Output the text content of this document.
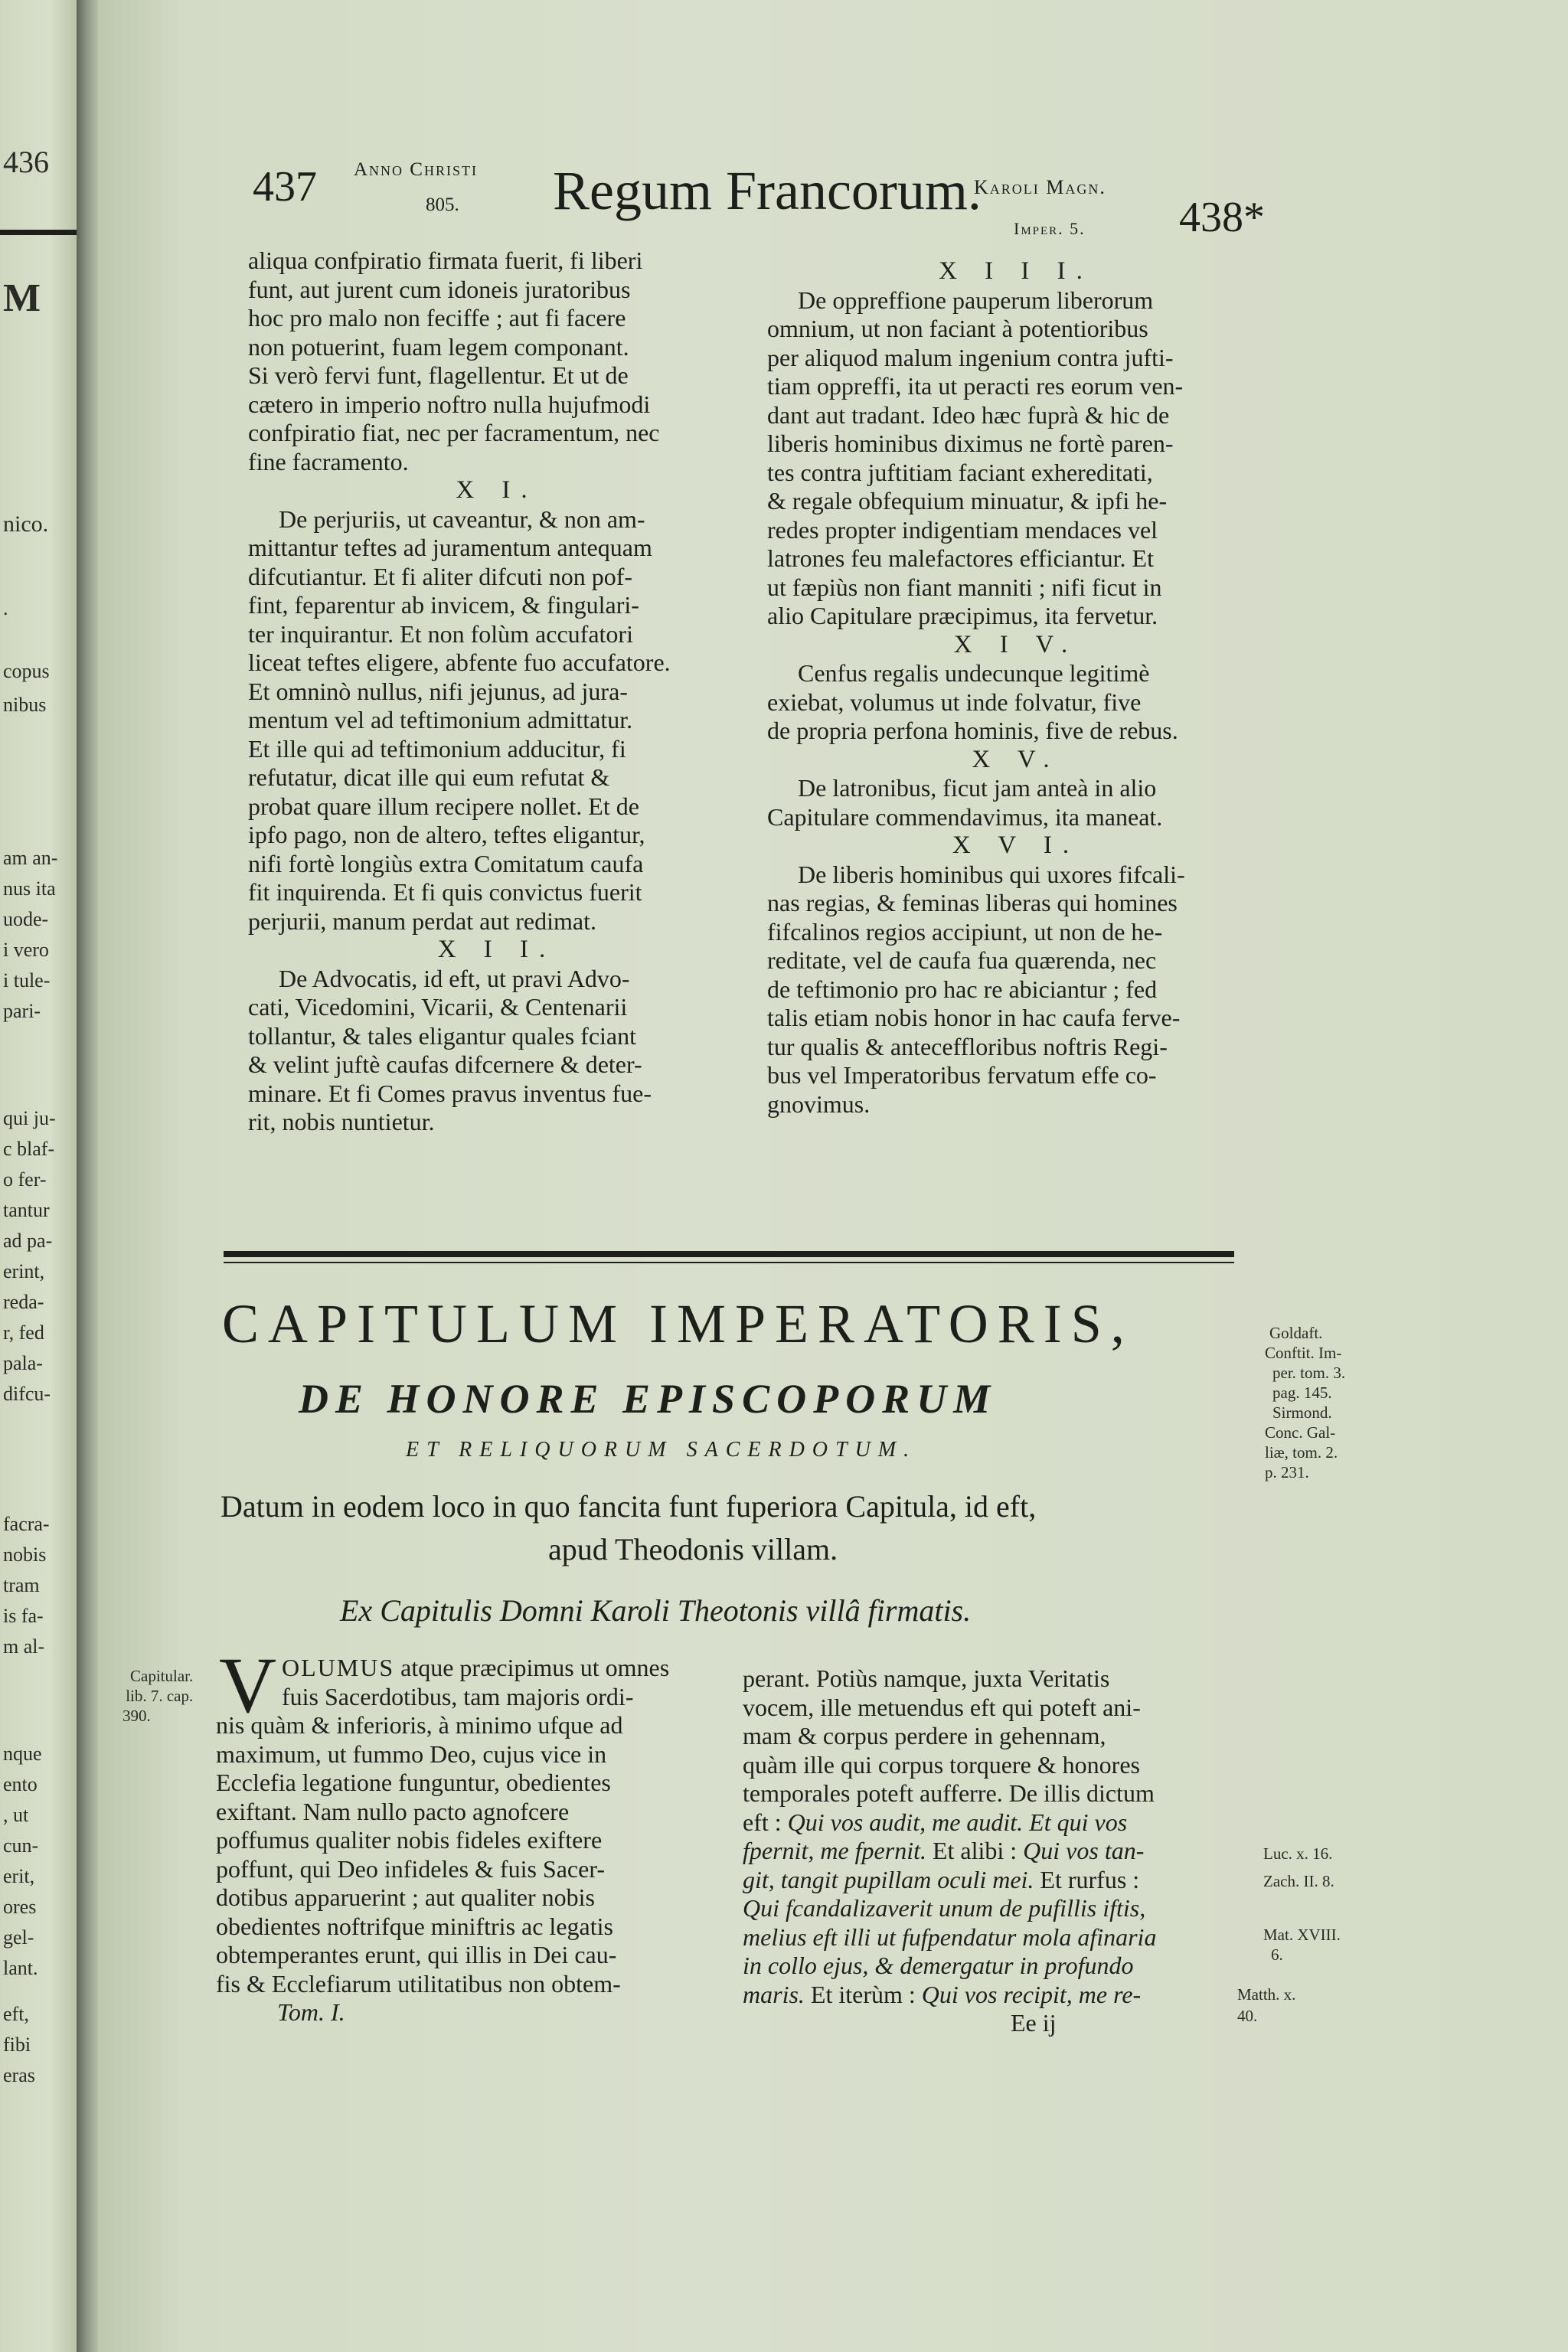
436
M
nico.
.
copus
nibus
am an-
nus ita
uode-
i vero
i tule-
pari-
qui ju-
c blaf-
o fer-
tantur
ad pa-
erint,
reda-
r, fed
pala-
difcu-
facra-
nobis
tram
is fa-
m al-
nque
ento
, ut
cun-
erit,
ores
gel-
lant.
eft,
fibi
eras
437 Anno Christi
805. Regum Francorum.
Karoli Magn.
Imper. 5. 438*
aliqua confpiratio firmata fuerit, fi liberi
funt, aut jurent cum idoneis juratoribus
hoc pro malo non feciffe ; aut fi facere
non potuerint, fuam legem componant.
Si verò fervi funt, flagellentur. Et ut de
cætero in imperio noftro nulla hujufmodi
confpiratio fiat, nec per facramentum, nec
fine facramento.
X I.
De perjuriis, ut caveantur, & non am-
mittantur teftes ad juramentum antequam
difcutiantur. Et fi aliter difcuti non pof-
fint, feparentur ab invicem, & fingulari-
ter inquirantur. Et non folùm accufatori
liceat teftes eligere, abfente fuo accufatore.
Et omninò nullus, nifi jejunus, ad jura-
mentum vel ad teftimonium admittatur.
Et ille qui ad teftimonium adducitur, fi
refutatur, dicat ille qui eum refutat &
probat quare illum recipere nollet. Et de
ipfo pago, non de altero, teftes eligantur,
nifi fortè longiùs extra Comitatum caufa
fit inquirenda. Et fi quis convictus fuerit
perjurii, manum perdat aut redimat.
X I I.
De Advocatis, id eft, ut pravi Advo-
cati, Vicedomini, Vicarii, & Centenarii
tollantur, & tales eligantur quales fciant
& velint juftè caufas difcernere & deter-
minare. Et fi Comes pravus inventus fue-
rit, nobis nuntietur.
X I I I.
De oppreffione pauperum liberorum
omnium, ut non faciant à potentioribus
per aliquod malum ingenium contra jufti-
tiam oppreffi, ita ut peracti res eorum ven-
dant aut tradant. Ideo hæc fuprà & hic de
liberis hominibus diximus ne fortè paren-
tes contra juftitiam faciant exhereditati,
& regale obfequium minuatur, & ipfi he-
redes propter indigentiam mendaces vel
latrones feu malefactores efficiantur. Et
ut fæpiùs non fiant manniti ; nifi ficut in
alio Capitulare præcipimus, ita fervetur.
X I V.
Cenfus regalis undecunque legitimè
exiebat, volumus ut inde folvatur, five
de propria perfona hominis, five de rebus.
X V.
De latronibus, ficut jam anteà in alio
Capitulare commendavimus, ita maneat.
X V I.
De liberis hominibus qui uxores fifcali-
nas regias, & feminas liberas qui homines
fifcalinos regios accipiunt, ut non de he-
reditate, vel de caufa fua quærenda, nec
de teftimonio pro hac re abiciantur ; fed
talis etiam nobis honor in hac caufa ferve-
tur qualis & anteceffloribus noftris Regi-
bus vel Imperatoribus fervatum effe co-
gnovimus.
CAPITULUM IMPERATORIS,
DE HONORE EPISCOPORUM
ET RELIQUORUM SACERDOTUM.
Datum in eodem loco in quo fancita funt fuperiora Capitula, id eft,
apud Theodonis villam.
Ex Capitulis Domni Karoli Theotonis villâ firmatis.
Goldaft.
Conftit. Im-
per. tom. 3.
pag. 145.
Sirmond.
Conc. Gal-
liæ, tom. 2.
p. 231.
Capitular.
lib. 7. cap.
390. V OLUMUS atque præcipimus ut omnes
fuis Sacerdotibus, tam majoris ordi-
nis quàm & inferioris, à minimo ufque ad
maximum, ut fummo Deo, cujus vice in
Ecclefia legatione funguntur, obedientes
exiftant. Nam nullo pacto agnofcere
poffumus qualiter nobis fideles exiftere
poffunt, qui Deo infideles & fuis Sacer-
dotibus apparuerint ; aut qualiter nobis
obedientes noftrifque miniftris ac legatis
obtemperantes erunt, qui illis in Dei cau-
fis & Ecclefiarum utilitatibus non obtem-
Tom. I.
perant. Potiùs namque, juxta Veritatis
vocem, ille metuendus eft qui poteft ani-
mam & corpus perdere in gehennam,
quàm ille qui corpus torquere & honores
temporales poteft aufferre. De illis dictum
eft : Qui vos audit, me audit. Et qui vos
fpernit, me fpernit. Et alibi : Qui vos tan-
git, tangit pupillam oculi mei. Et rurfus :
Qui fcandalizaverit unum de pufillis iftis,
melius eft illi ut fufpendatur mola afinaria
in collo ejus, & demergatur in profundo
maris. Et iterùm : Qui vos recipit, me re-
Ee ij
Luc. x. 16.
Zach. II. 8.
Mat. XVIII.
6.
Matth. x.
40.
